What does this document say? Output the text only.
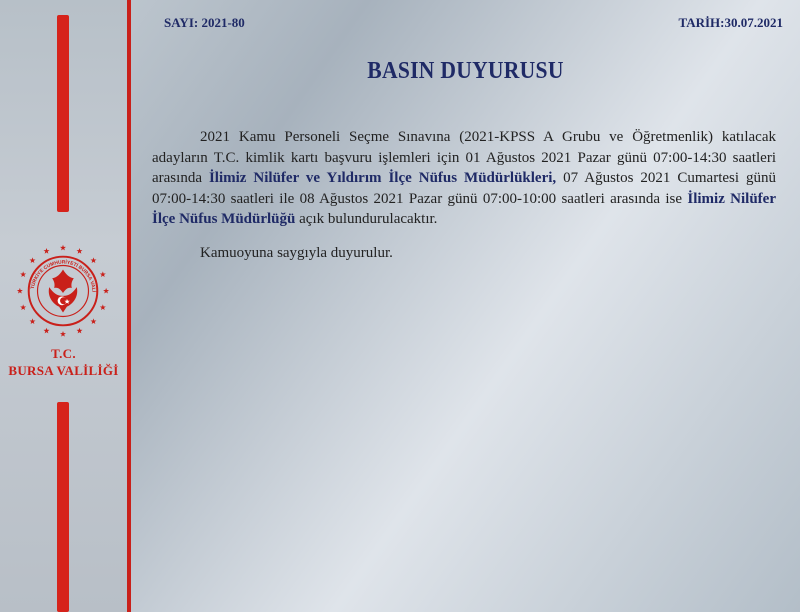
TÜRKİYE CUMHURİYETİ BURSA VALİ
T.C.
BURSA VALİLİĞİ
SAYI: 2021-80	TARİH:30.07.2021
BASIN DUYURUSU

2021 Kamu Personeli Seçme Sınavına (2021-KPSS A Grubu ve Öğretmenlik) katılacak adayların T.C. kimlik kartı başvuru işlemleri için 01 Ağustos 2021 Pazar günü 07:00-14:30 saatleri arasında İlimiz Nilüfer ve Yıldırım İlçe Nüfus Müdürlükleri, 07 Ağustos 2021 Cumartesi günü 07:00-14:30 saatleri ile 08 Ağustos 2021 Pazar günü 07:00-10:00 saatleri arasında ise İlimiz Nilüfer İlçe Nüfus Müdürlüğü açık bulundurulacaktır.

Kamuoyuna saygıyla duyurulur.
